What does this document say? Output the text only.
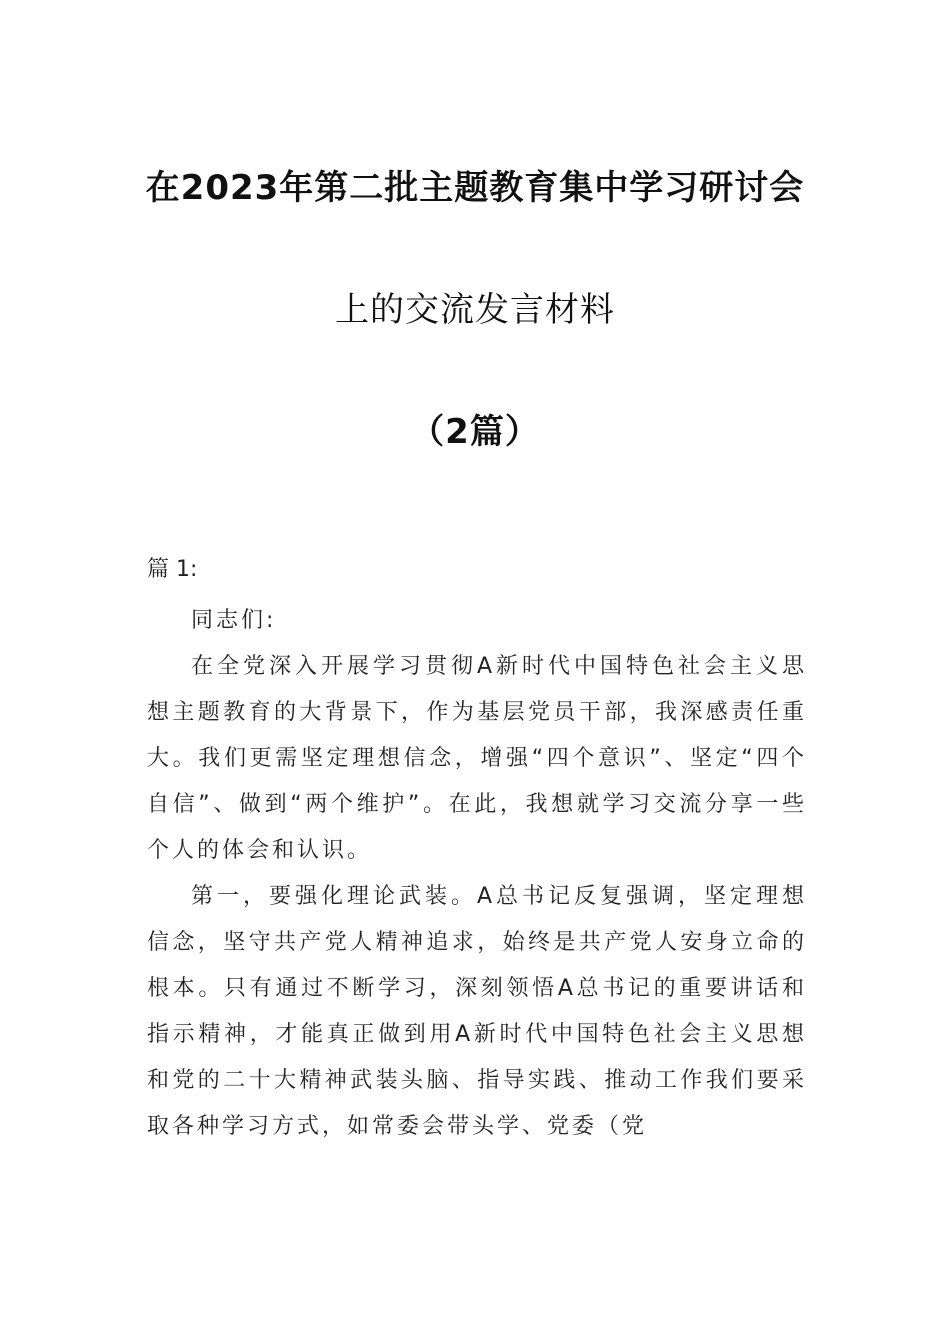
在2023年第二批主题教育集中学习研讨会
上的交流发言材料
（2篇）
篇 1:

同志们:

在全党深入开展学习贯彻A新时代中国特色社会主义思想主题教育的大背景下，作为基层党员干部，我深感责任重大。我们更需坚定理想信念，增强“四个意识”、坚定“四个自信”、做到“两个维护”。在此，我想就学习交流分享一些个人的体会和认识。

第一，要强化理论武装。A总书记反复强调，坚定理想信念，坚守共产党人精神追求，始终是共产党人安身立命的根本。只有通过不断学习，深刻领悟A总书记的重要讲话和指示精神，才能真正做到用A新时代中国特色社会主义思想和党的二十大精神武装头脑、指导实践、推动工作我们要采取各种学习方式，如常委会带头学、党委（党
